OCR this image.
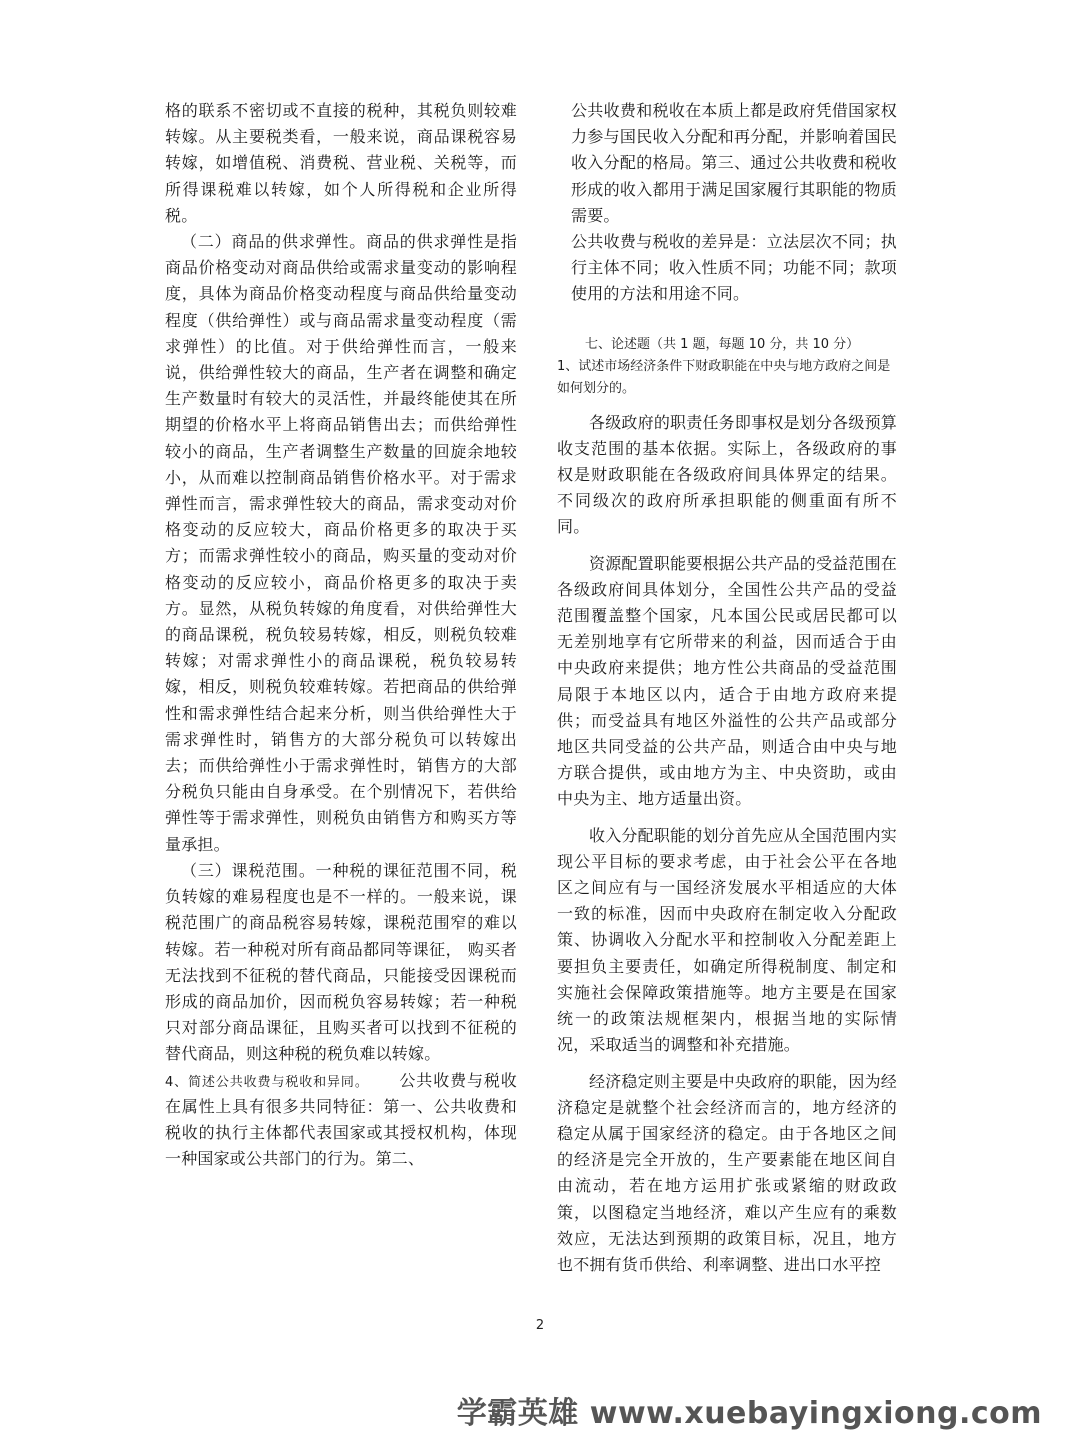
格的联系不密切或不直接的税种，其税负则较难转嫁。从主要税类看，一般来说，商品课税容易转嫁，如增值税、消费税、营业税、关税等，而所得课税难以转嫁，如个人所得税和企业所得税。

（二）商品的供求弹性。商品的供求弹性是指商品价格变动对商品供给或需求量变动的影响程度，具体为商品价格变动程度与商品供给量变动程度（供给弹性）或与商品需求量变动程度（需求弹性）的比值。对于供给弹性而言，一般来说，供给弹性较大的商品，生产者在调整和确定生产数量时有较大的灵活性，并最终能使其在所期望的价格水平上将商品销售出去；而供给弹性较小的商品，生产者调整生产数量的回旋余地较小，从而难以控制商品销售价格水平。对于需求弹性而言，需求弹性较大的商品，需求变动对价格变动的反应较大，商品价格更多的取决于买方；而需求弹性较小的商品，购买量的变动对价格变动的反应较小，商品价格更多的取决于卖方。显然，从税负转嫁的角度看，对供给弹性大的商品课税，税负较易转嫁，相反，则税负较难转嫁；对需求弹性小的商品课税，税负较易转嫁，相反，则税负较难转嫁。若把商品的供给弹性和需求弹性结合起来分析，则当供给弹性大于需求弹性时，销售方的大部分税负可以转嫁出去；而供给弹性小于需求弹性时，销售方的大部分税负只能由自身承受。在个别情况下，若供给弹性等于需求弹性，则税负由销售方和购买方等量承担。

（三）课税范围。一种税的课征范围不同，税负转嫁的难易程度也是不一样的。一般来说，课税范围广的商品税容易转嫁，课税范围窄的难以转嫁。若一种税对所有商品都同等课征， 购买者无法找到不征税的替代商品，只能接受因课税而形成的商品加价，因而税负容易转嫁；若一种税只对部分商品课征，且购买者可以找到不征税的替代商品，则这种税的税负难以转嫁。

4、简述公共收费与税收和异同。 公共收费与税收在属性上具有很多共同特征：第一、公共收费和税收的执行主体都代表国家或其授权机构，体现一种国家或公共部门的行为。第二、

公共收费和税收在本质上都是政府凭借国家权力参与国民收入分配和再分配，并影响着国民收入分配的格局。第三、通过公共收费和税收形成的收入都用于满足国家履行其职能的物质需要。

公共收费与税收的差异是：立法层次不同；执行主体不同；收入性质不同；功能不同；款项使用的方法和用途不同。

七、论述题（共 1 题，每题 10 分，共 10 分）

1、试述市场经济条件下财政职能在中央与地方政府之间是如何划分的。

各级政府的职责任务即事权是划分各级预算收支范围的基本依据。实际上，各级政府的事权是财政职能在各级政府间具体界定的结果。不同级次的政府所承担职能的侧重面有所不同。

资源配置职能要根据公共产品的受益范围在各级政府间具体划分，全国性公共产品的受益范围覆盖整个国家，凡本国公民或居民都可以无差别地享有它所带来的利益，因而适合于由中央政府来提供；地方性公共商品的受益范围局限于本地区以内，适合于由地方政府来提供；而受益具有地区外溢性的公共产品或部分地区共同受益的公共产品，则适合由中央与地方联合提供，或由地方为主、中央资助，或由中央为主、地方适量出资。

收入分配职能的划分首先应从全国范围内实现公平目标的要求考虑，由于社会公平在各地区之间应有与一国经济发展水平相适应的大体一致的标准，因而中央政府在制定收入分配政策、协调收入分配水平和控制收入分配差距上要担负主要责任，如确定所得税制度、制定和实施社会保障政策措施等。地方主要是在国家统一的政策法规框架内，根据当地的实际情况，采取适当的调整和补充措施。

经济稳定则主要是中央政府的职能，因为经济稳定是就整个社会经济而言的，地方经济的稳定从属于国家经济的稳定。由于各地区之间的经济是完全开放的，生产要素能在地区间自由流动，若在地方运用扩张或紧缩的财政政策，以图稳定当地经济，难以产生应有的乘数效应，无法达到预期的政策目标，况且，地方也不拥有货币供给、利率调整、进出口水平控

2
学霸英雄 www.xuebayingxiong.com
